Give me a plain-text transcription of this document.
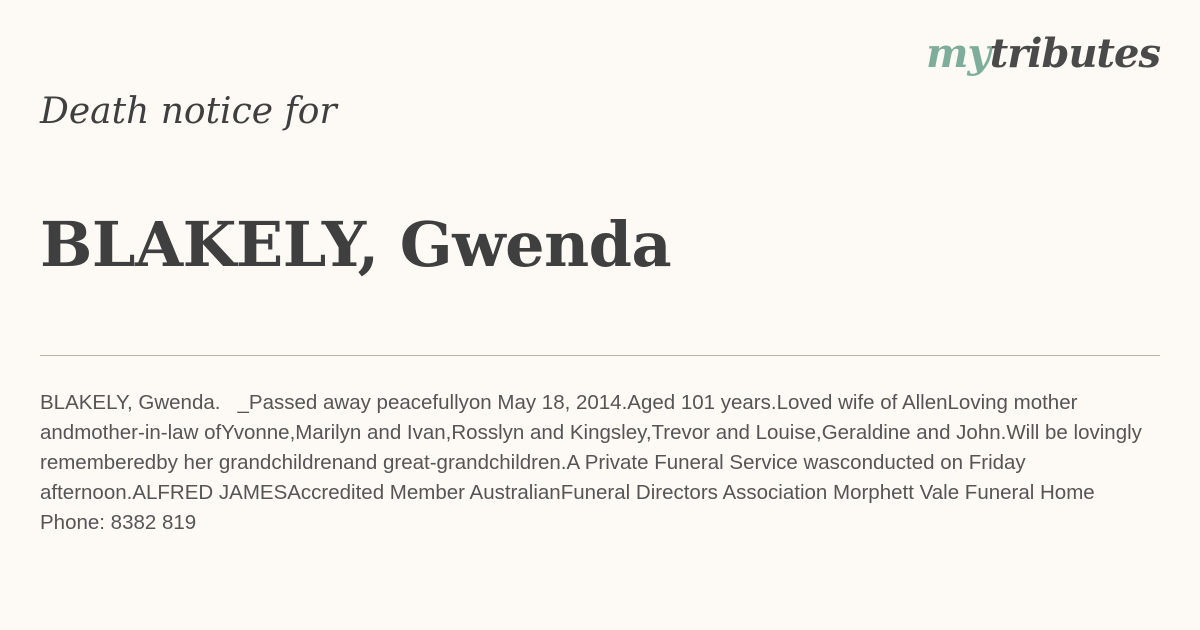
mytributes
Death notice for
BLAKELY, Gwenda
BLAKELY, Gwenda.   _Passed away peacefullyon May 18, 2014.Aged 101 years.Loved wife of AllenLoving mother andmother-in-law ofYvonne,Marilyn and Ivan,Rosslyn and Kingsley,Trevor and Louise,Geraldine and John.Will be lovingly rememberedby her grandchildrenand great-grandchildren.A Private Funeral Service wasconducted on Friday afternoon.ALFRED JAMESAccredited Member AustralianFuneral Directors Association Morphett Vale Funeral Home Phone: 8382 819
